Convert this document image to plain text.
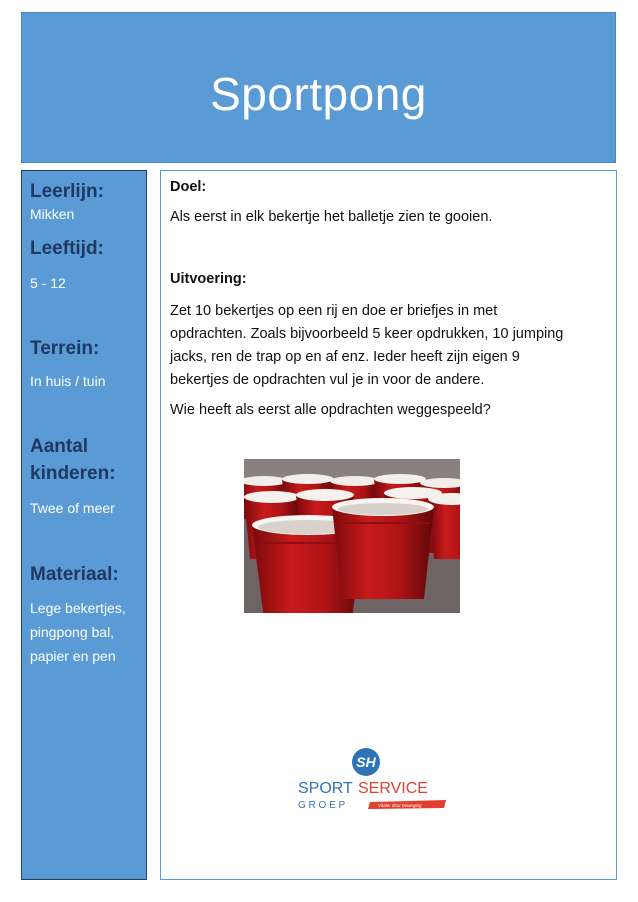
Sportpong
Leerlijn:
Mikken
Leeftijd:
5 - 12
Terrein:
In huis / tuin
Aantal
kinderen:
Twee of meer
Materiaal:
Lege bekertjes,
pingpong bal,
papier en pen
Doel:
Als eerst in elk bekertje het balletje zien te gooien.
Uitvoering:
Zet 10 bekertjes op een rij en doe er briefjes in met
opdrachten. Zoals bijvoorbeeld 5 keer opdrukken, 10 jumping
jacks, ren de trap op en af enz. Ieder heeft zijn eigen 9
bekertjes de opdrachten vul je in voor de andere.
Wie heeft als eerst alle opdrachten weggespeeld?
SH
SPORT SERVICE
G R O E P	Vitaler door beweging
